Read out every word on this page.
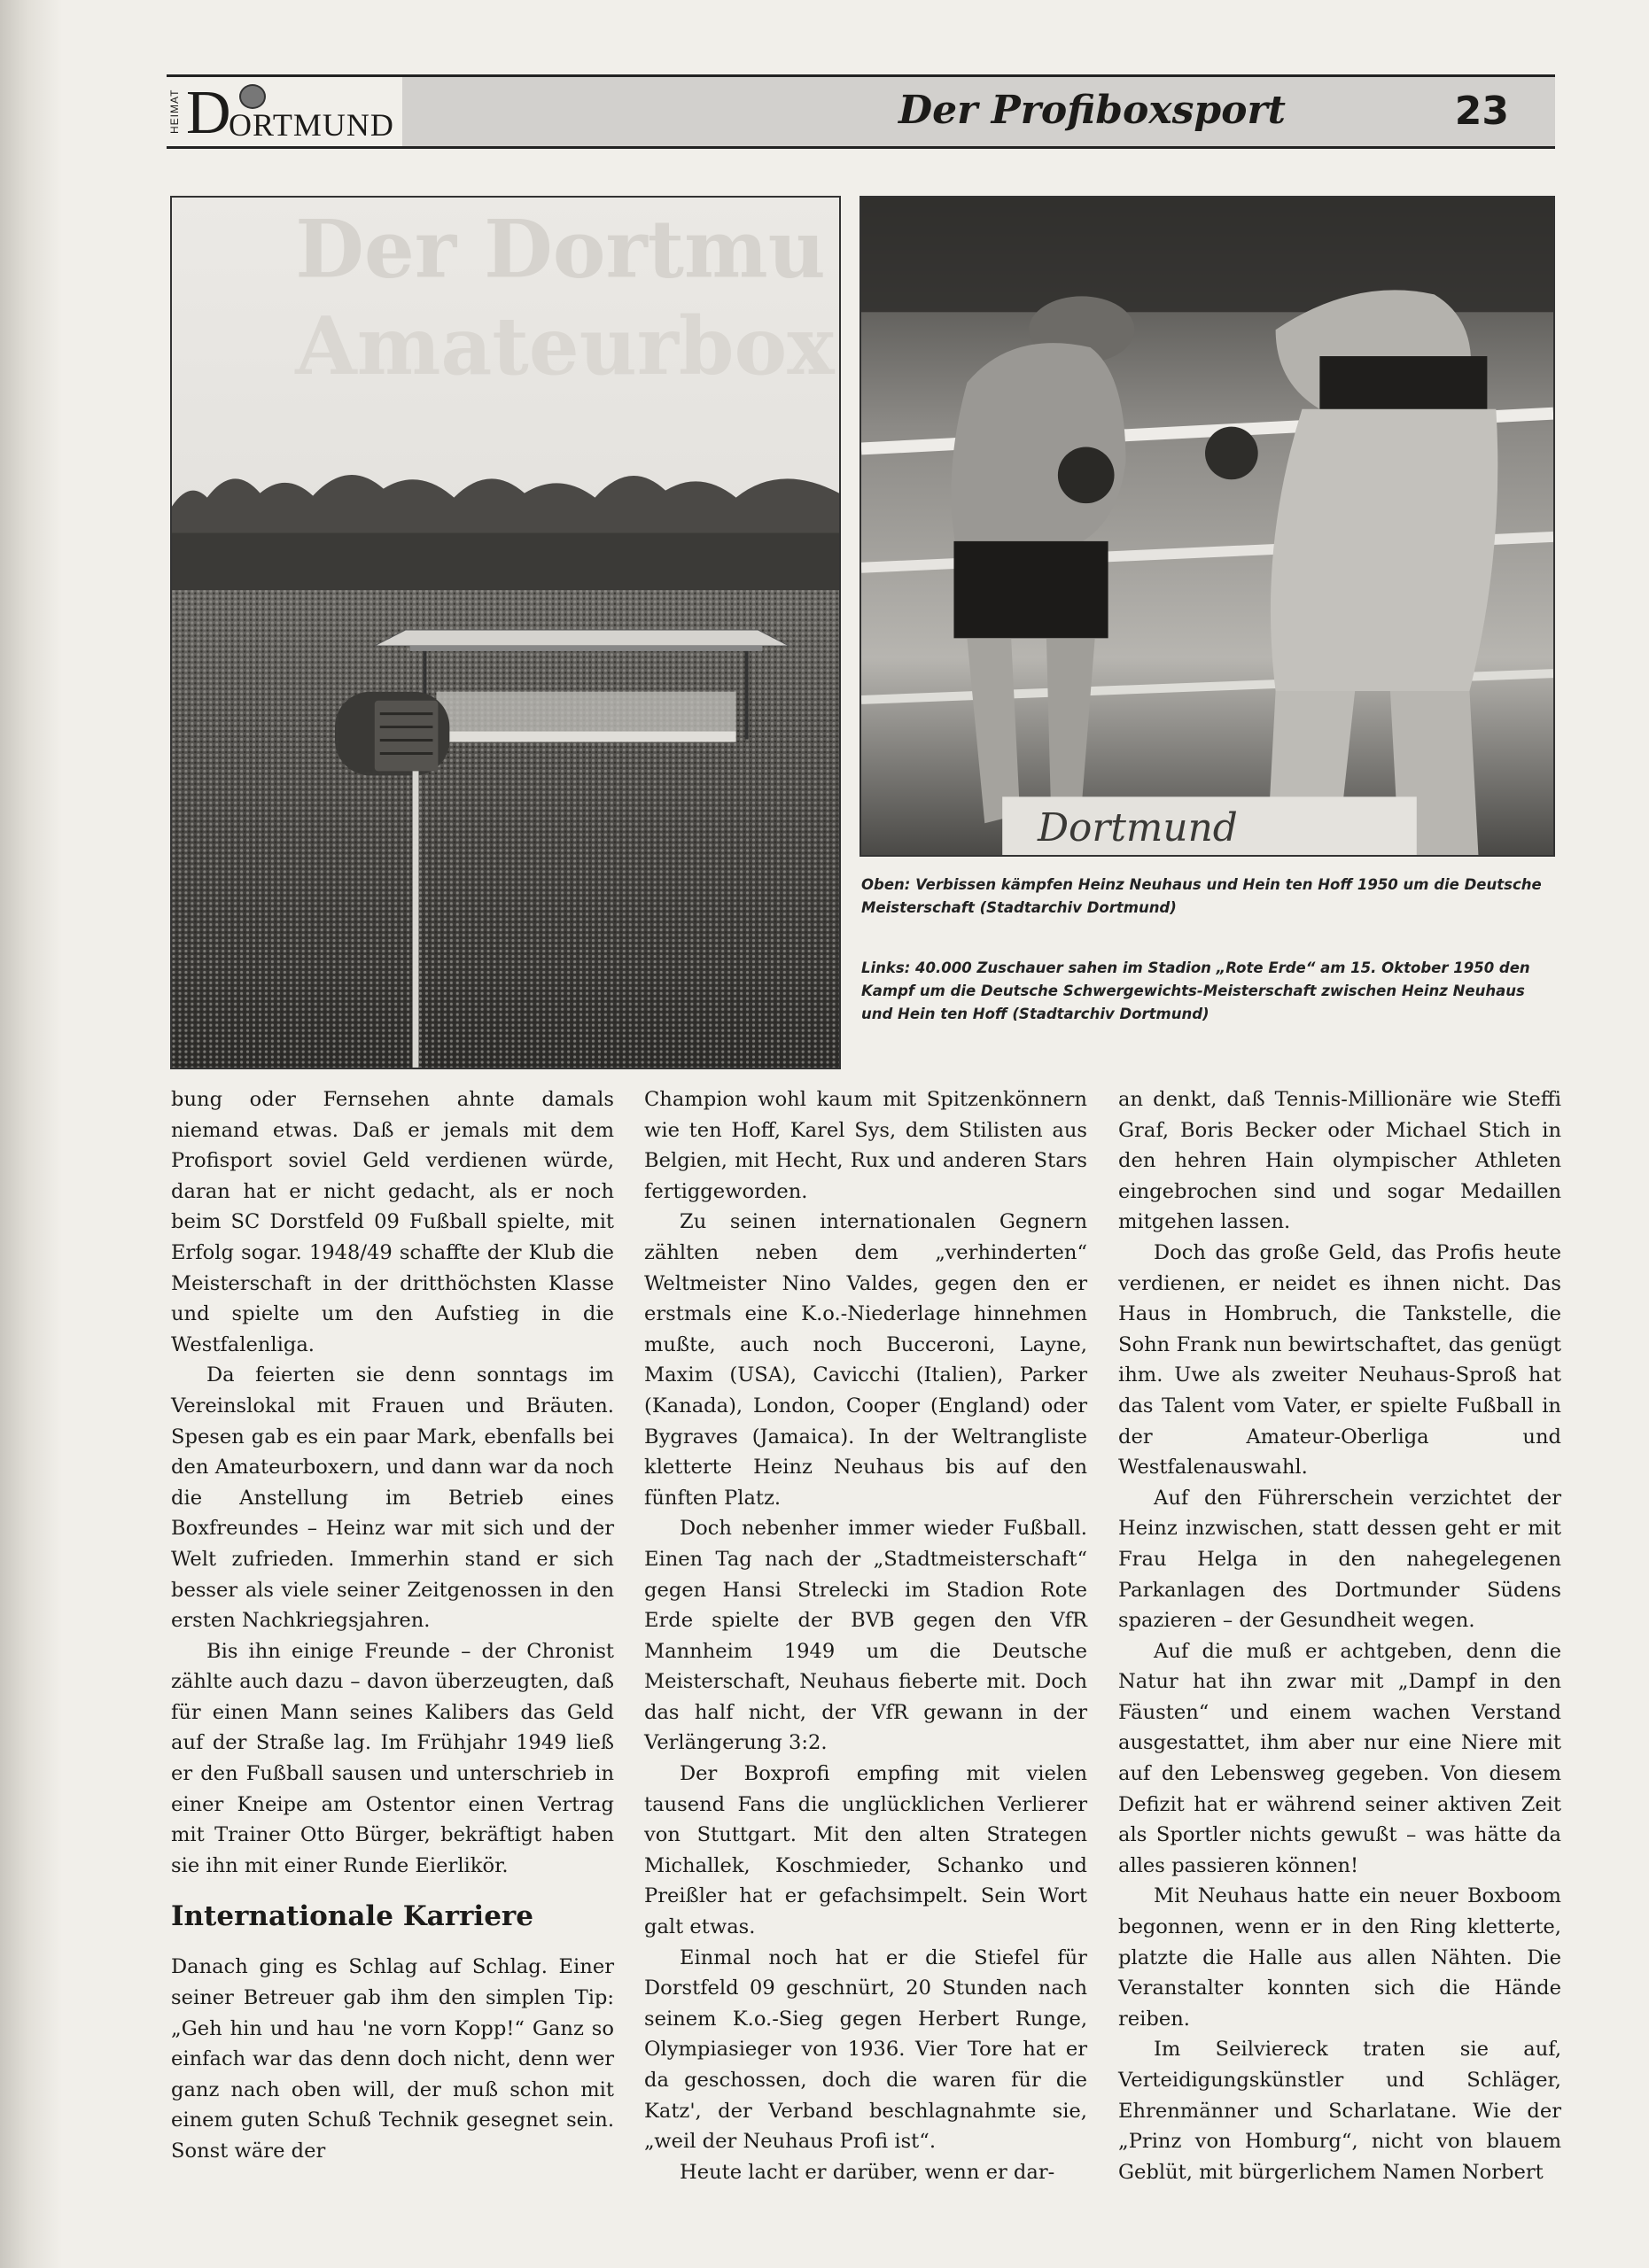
HEIMAT D
ORTMUND	Der Profiboxsport	23
Der Dortmu
Amateurbox
Dortmund

Oben: Verbissen kämpfen Heinz Neuhaus und Hein ten Hoff 1950 um die Deutsche Meisterschaft (Stadtarchiv Dortmund)

Links: 40.000 Zuschauer sahen im Stadion „Rote Erde“ am 15. Oktober 1950 den Kampf um die Deutsche Schwergewichts-Meisterschaft zwischen Heinz Neuhaus und Hein ten Hoff (Stadtarchiv Dortmund)

bung oder Fernsehen ahnte damals niemand etwas. Daß er jemals mit dem Profisport soviel Geld verdienen würde, daran hat er nicht gedacht, als er noch beim SC Dorstfeld 09 Fußball spielte, mit Erfolg sogar. 1948/49 schaffte der Klub die Meisterschaft in der dritthöchsten Klasse und spielte um den Aufstieg in die Westfalenliga.

Da feierten sie denn sonntags im Vereinslokal mit Frauen und Bräuten. Spesen gab es ein paar Mark, ebenfalls bei den Amateurboxern, und dann war da noch die Anstellung im Betrieb eines Boxfreundes – Heinz war mit sich und der Welt zufrieden. Immerhin stand er sich besser als viele seiner Zeitgenossen in den ersten Nachkriegsjahren.

Bis ihn einige Freunde – der Chronist zählte auch dazu – davon überzeugten, daß für einen Mann seines Kalibers das Geld auf der Straße lag. Im Frühjahr 1949 ließ er den Fußball sausen und unterschrieb in einer Kneipe am Ostentor einen Vertrag mit Trainer Otto Bürger, bekräftigt haben sie ihn mit einer Runde Eierlikör.

Internationale Karriere

Danach ging es Schlag auf Schlag. Einer seiner Betreuer gab ihm den simplen Tip: „Geh hin und hau 'ne vorn Kopp!“ Ganz so einfach war das denn doch nicht, denn wer ganz nach oben will, der muß schon mit einem guten Schuß Technik gesegnet sein. Sonst wäre der

Champion wohl kaum mit Spitzenkönnern wie ten Hoff, Karel Sys, dem Stilisten aus Belgien, mit Hecht, Rux und anderen Stars fertiggeworden.

Zu seinen internationalen Gegnern zählten neben dem „verhinderten“ Weltmeister Nino Valdes, gegen den er erstmals eine K.o.-Niederlage hinnehmen mußte, auch noch Bucceroni, Layne, Maxim (USA), Cavicchi (Italien), Parker (Kanada), London, Cooper (England) oder Bygraves (Jamaica). In der Weltrangliste kletterte Heinz Neuhaus bis auf den fünften Platz.

Doch nebenher immer wieder Fußball. Einen Tag nach der „Stadtmeisterschaft“ gegen Hansi Strelecki im Stadion Rote Erde spielte der BVB gegen den VfR Mannheim 1949 um die Deutsche Meisterschaft, Neuhaus fieberte mit. Doch das half nicht, der VfR gewann in der Verlängerung 3:2.

Der Boxprofi empfing mit vielen tausend Fans die unglücklichen Verlierer von Stuttgart. Mit den alten Strategen Michallek, Koschmieder, Schanko und Preißler hat er gefachsimpelt. Sein Wort galt etwas.

Einmal noch hat er die Stiefel für Dorstfeld 09 geschnürt, 20 Stunden nach seinem K.o.-Sieg gegen Herbert Runge, Olympiasieger von 1936. Vier Tore hat er da geschossen, doch die waren für die Katz', der Verband beschlagnahmte sie, „weil der Neuhaus Profi ist“.

Heute lacht er darüber, wenn er dar-

an denkt, daß Tennis-Millionäre wie Steffi Graf, Boris Becker oder Michael Stich in den hehren Hain olympischer Athleten eingebrochen sind und sogar Medaillen mitgehen lassen.

Doch das große Geld, das Profis heute verdienen, er neidet es ihnen nicht. Das Haus in Hombruch, die Tankstelle, die Sohn Frank nun bewirtschaftet, das genügt ihm. Uwe als zweiter Neuhaus-Sproß hat das Talent vom Vater, er spielte Fußball in der Amateur-Oberliga und Westfalenauswahl.

Auf den Führerschein verzichtet der Heinz inzwischen, statt dessen geht er mit Frau Helga in den nahegelegenen Parkanlagen des Dortmunder Südens spazieren – der Gesundheit wegen.

Auf die muß er achtgeben, denn die Natur hat ihn zwar mit „Dampf in den Fäusten“ und einem wachen Verstand ausgestattet, ihm aber nur eine Niere mit auf den Lebensweg gegeben. Von diesem Defizit hat er während seiner aktiven Zeit als Sportler nichts gewußt – was hätte da alles passieren können!

Mit Neuhaus hatte ein neuer Boxboom begonnen, wenn er in den Ring kletterte, platzte die Halle aus allen Nähten. Die Veranstalter konnten sich die Hände reiben.

Im Seilviereck traten sie auf, Verteidigungskünstler und Schläger, Ehrenmänner und Scharlatane. Wie der „Prinz von Homburg“, nicht von blauem Geblüt, mit bürgerlichem Namen Norbert
